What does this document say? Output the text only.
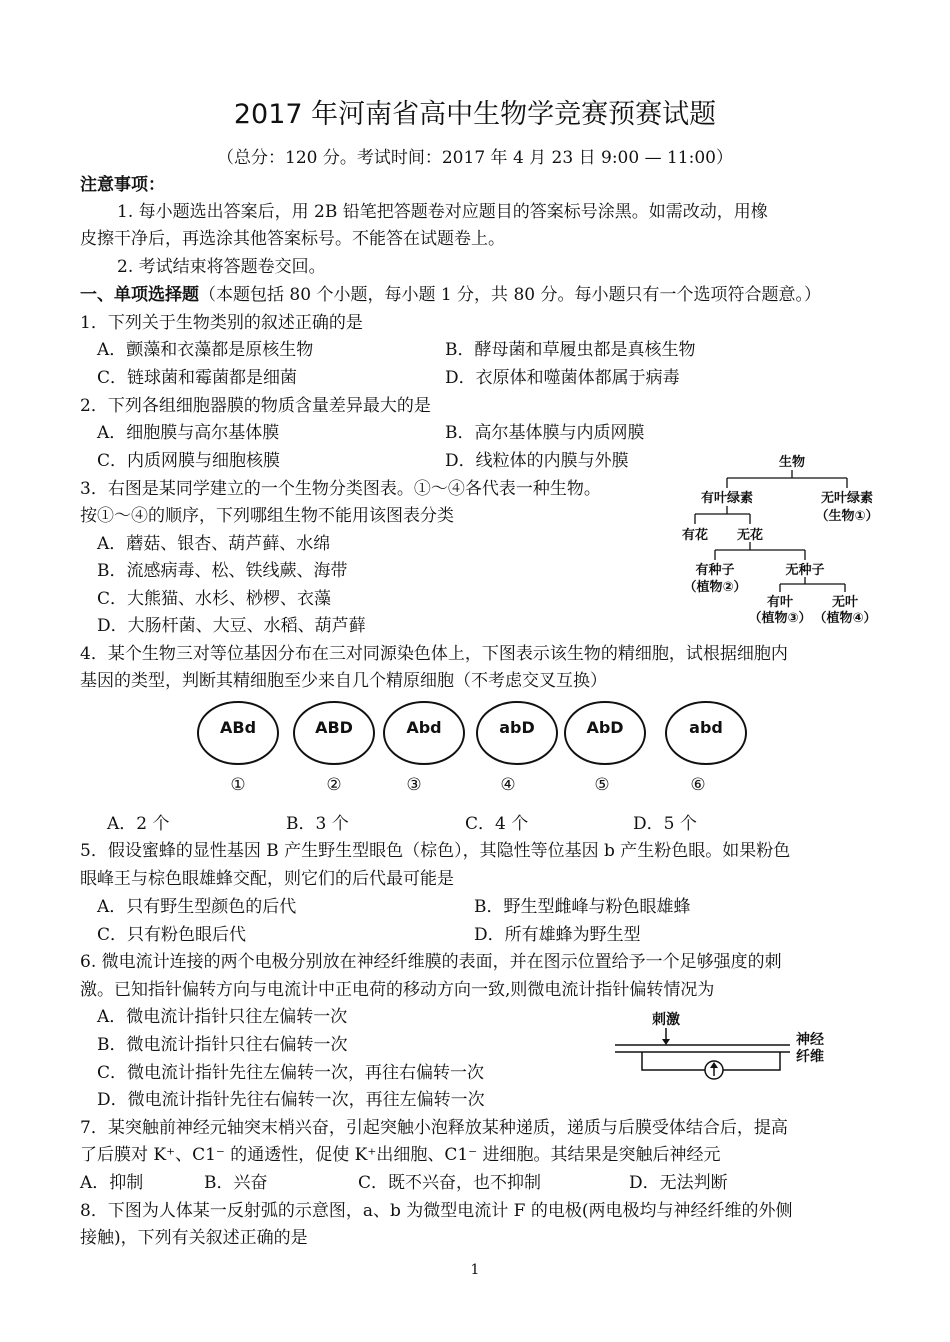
2017 年河南省高中生物学竞赛预赛试题
（总分：120 分。考试时间：2017 年 4 月 23 日 9:00 — 11:00）
注意事项：
1. 每小题选出答案后，用 2B 铅笔把答题卷对应题目的答案标号涂黑。如需改动，用橡
皮擦干净后，再选涂其他答案标号。不能答在试题卷上。
2. 考试结束将答题卷交回。
一、单项选择题（本题包括 80 个小题，每小题 1 分，共 80 分。每小题只有一个选项符合题意。）
1．下列关于生物类别的叙述正确的是
A．颤藻和衣藻都是原核生物	B．酵母菌和草履虫都是真核生物
C．链球菌和霉菌都是细菌	D．衣原体和噬菌体都属于病毒
2．下列各组细胞器膜的物质含量差异最大的是
A．细胞膜与高尔基体膜	B．高尔基体膜与内质网膜
C．内质网膜与细胞核膜	D．线粒体的内膜与外膜
3．右图是某同学建立的一个生物分类图表。①～④各代表一种生物。
按①～④的顺序，下列哪组生物不能用该图表分类
A．蘑菇、银杏、葫芦藓、水绵
B．流感病毒、松、铁线蕨、海带
C．大熊猫、水杉、桫椤、衣藻
D．大肠杆菌、大豆、水稻、葫芦藓
生物
有叶绿素	无叶绿素
（生物①）
有花 无花
有种子
（植物②）
无种子
有叶
（植物③）
无叶
（植物④）
4．某个生物三对等位基因分布在三对同源染色体上，下图表示该生物的精细胞，试根据细胞内
基因的类型，判断其精细胞至少来自几个精原细胞（不考虑交叉互换）
ABd	ABD	Abd	abD	AbD	abd
①	②	③	④	⑤	⑥
A．2 个	B．3 个	C．4 个	D．5 个
5．假设蜜蜂的显性基因 B 产生野生型眼色（棕色），其隐性等位基因 b 产生粉色眼。如果粉色
眼峰王与棕色眼雄蜂交配，则它们的后代最可能是
A．只有野生型颜色的后代	B．野生型雌峰与粉色眼雄蜂
C．只有粉色眼后代	D．所有雄蜂为野生型
6. 微电流计连接的两个电极分别放在神经纤维膜的表面，并在图示位置给予一个足够强度的刺
激。已知指针偏转方向与电流计中正电荷的移动方向一致,则微电流计指针偏转情况为
A．微电流计指针只往左偏转一次
B．微电流计指针只往右偏转一次
C．微电流计指针先往左偏转一次，再往右偏转一次
D．微电流计指针先往右偏转一次，再往左偏转一次
刺激
神经
纤维
7．某突触前神经元轴突末梢兴奋，引起突触小泡释放某种递质，递质与后膜受体结合后，提高
了后膜对 K⁺、C1⁻ 的通透性，促使 K⁺出细胞、C1⁻ 进细胞。其结果是突触后神经元
A．抑制	B．兴奋	C．既不兴奋，也不抑制	D．无法判断
8．下图为人体某一反射弧的示意图，a、b 为微型电流计 F 的电极(两电极均与神经纤维的外侧
接触)，下列有关叙述正确的是
1
